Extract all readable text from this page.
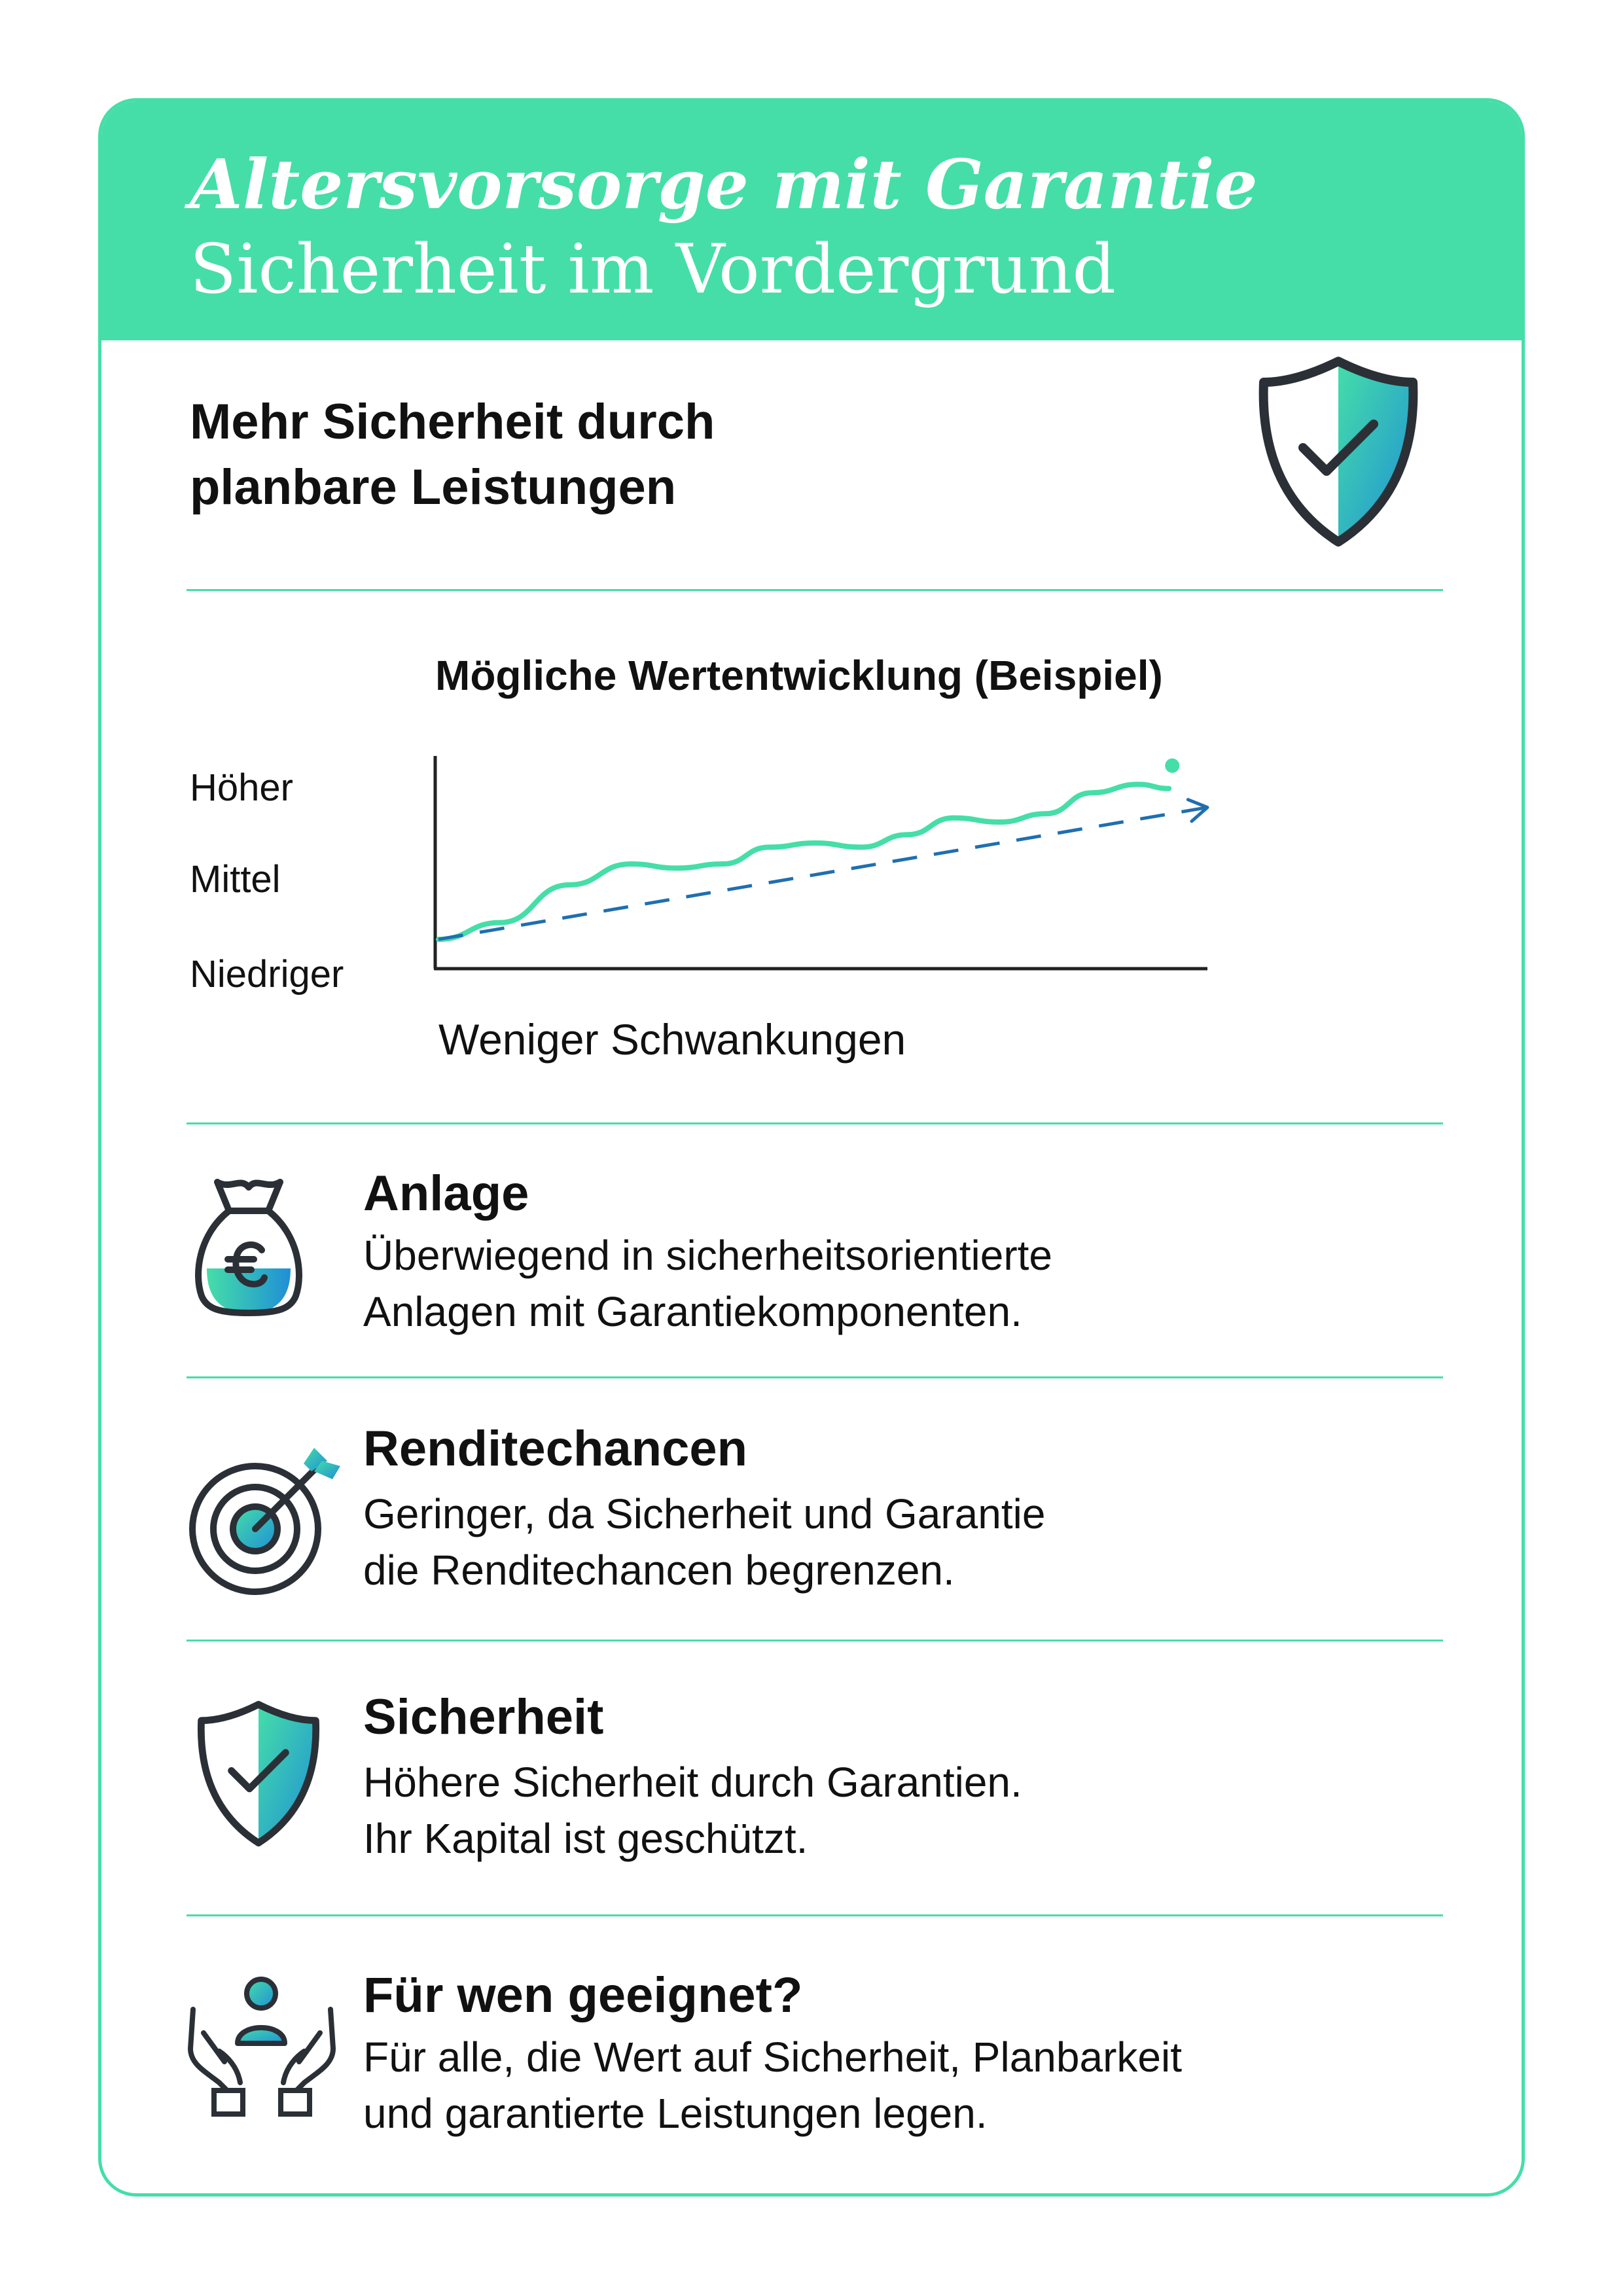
Altersvorsorge mit Garantie
Sicherheit im Vordergrund
Mehr Sicherheit durch
planbare Leistungen
Mögliche Wertentwicklung (Beispiel)
Höher
Mittel
Niedriger
Weniger Schwankungen
Anlage
Überwiegend in sicherheitsorientierte
Anlagen mit Garantiekomponenten.
Renditechancen
Geringer, da Sicherheit und Garantie
die Renditechancen begrenzen.
Sicherheit
Höhere Sicherheit durch Garantien.
Ihr Kapital ist geschützt.
Für wen geeignet?
Für alle, die Wert auf Sicherheit, Planbarkeit
und garantierte Leistungen legen.
